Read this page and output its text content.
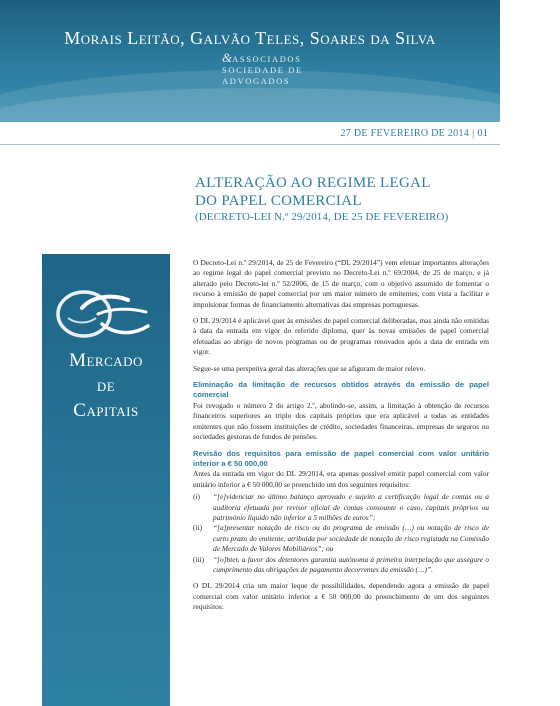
Morais Leitão, Galvão Teles, Soares da Silva
&ASSOCIADOS
SOCIEDADE DE
ADVOGADOS
BRIEFING	27 DE FEVEREIRO DE 2014 | 01
Mercado
de
Capitais
ALTERAÇÃO AO REGIME LEGAL
DO PAPEL COMERCIAL
(DECRETO-LEI N.º 29/2014, DE 25 DE FEVEREIRO)

O Decreto-Lei n.º 29/2014, de 25 de Fevereiro (“DL 29/2014”) vem efetuar importantes alterações ao regime legal do papel comercial previsto no Decreto-Lei n.º 69/2004, de 25 de março, e já alterado pelo Decreto-lei n.º 52/2006, de 15 de março, com o objetivo assumido de fomentar o recurso à emissão de papel comercial por um maior número de emitentes, com vista a facilitar e impulsionar formas de financiamento alternativas das empresas portuguesas.

O DL 29/2014 é aplicável quer às emissões de papel comercial deliberadas, mas ainda não emitidas à data da entrada em vigor do referido diploma, quer às novas emissões de papel comercial efetuadas ao abrigo de novos programas ou de programas renovados após a data de entrada em vigor.

Segue-se uma perspetiva geral das alterações que se afiguram de maior relevo.

Eliminação da limitação de recursos obtidos através da emissão de papel comercial

Foi revogado o número 2 do artigo 2.º, abolindo-se, assim, a limitação à obtenção de recursos financeiros superiores ao triplo dos capitais próprios que era aplicável a todas as entidades emitentes que não fossem instituições de crédito, sociedades financeiras, empresas de seguros ou sociedades gestoras de fundos de pensões.

Revisão dos requisitos para emissão de papel comercial com valor unitário inferior a € 50 000,00

Antes da entrada em vigor do DL 29/2014, era apenas possível emitir papel comercial com valor unitário inferior a € 50 000,00 se preenchido um dos seguintes requisitos:

(i)	“[e]videnciar no último balanço aprovado e sujeito a certificação legal de contas ou a auditoria efetuada por revisor oficial de contas consoante o caso, capitais próprios ou património líquido não inferior a 5 milhões de euros”;
(ii)	“[a]presentar notação de risco ou do programa de emissão (…) ou notação de risco de curto prazo do emitente, atribuída por sociedade de notação de risco registada na Comissão de Mercado de Valores Mobiliários”; ou
(iii)	“[o]bter, a favor dos detentores garantia autónoma à primeira interpelação que assegure o cumprimento das obrigações de pagamento decorrentes da emissão (…)”.

O DL 29/2014 cria um maior leque de possibilidades, dependendo agora a emissão de papel comercial com valor unitário inferior a € 50 000,00 do preenchimento de um dos seguintes requisitos:
